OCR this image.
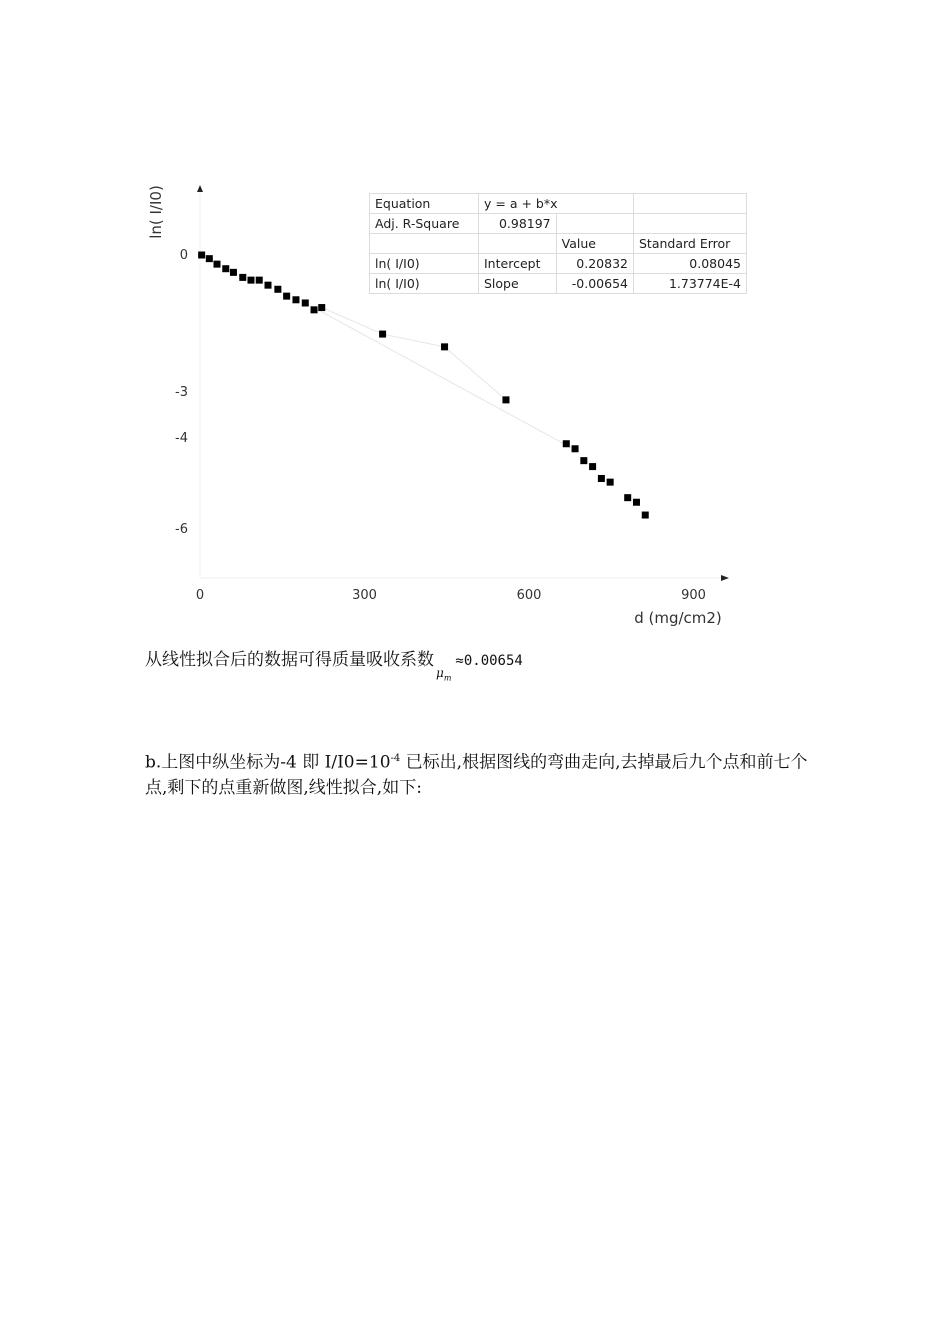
0	300	600	900
0
-3
-4
-6
ln( I/I0)
d (mg/cm2)
Equation	y = a + b*x		
Adj. R-Square	0.98197		
		Value	Standard Error
ln( I/I0)	Intercept	0.20832	0.08045
ln( I/I0)	Slope	-0.00654	1.73774E-4
从线性拟合后的数据可得质量吸收系数$_{\mu_m}$≈0.00654
b.上图中纵坐标为-4 即 $I/I0=10^{-4}$ 已标出,根据图线的弯曲走向,去掉最后九个点和前七个点,剩下的点重新做图,线性拟合,如下:
